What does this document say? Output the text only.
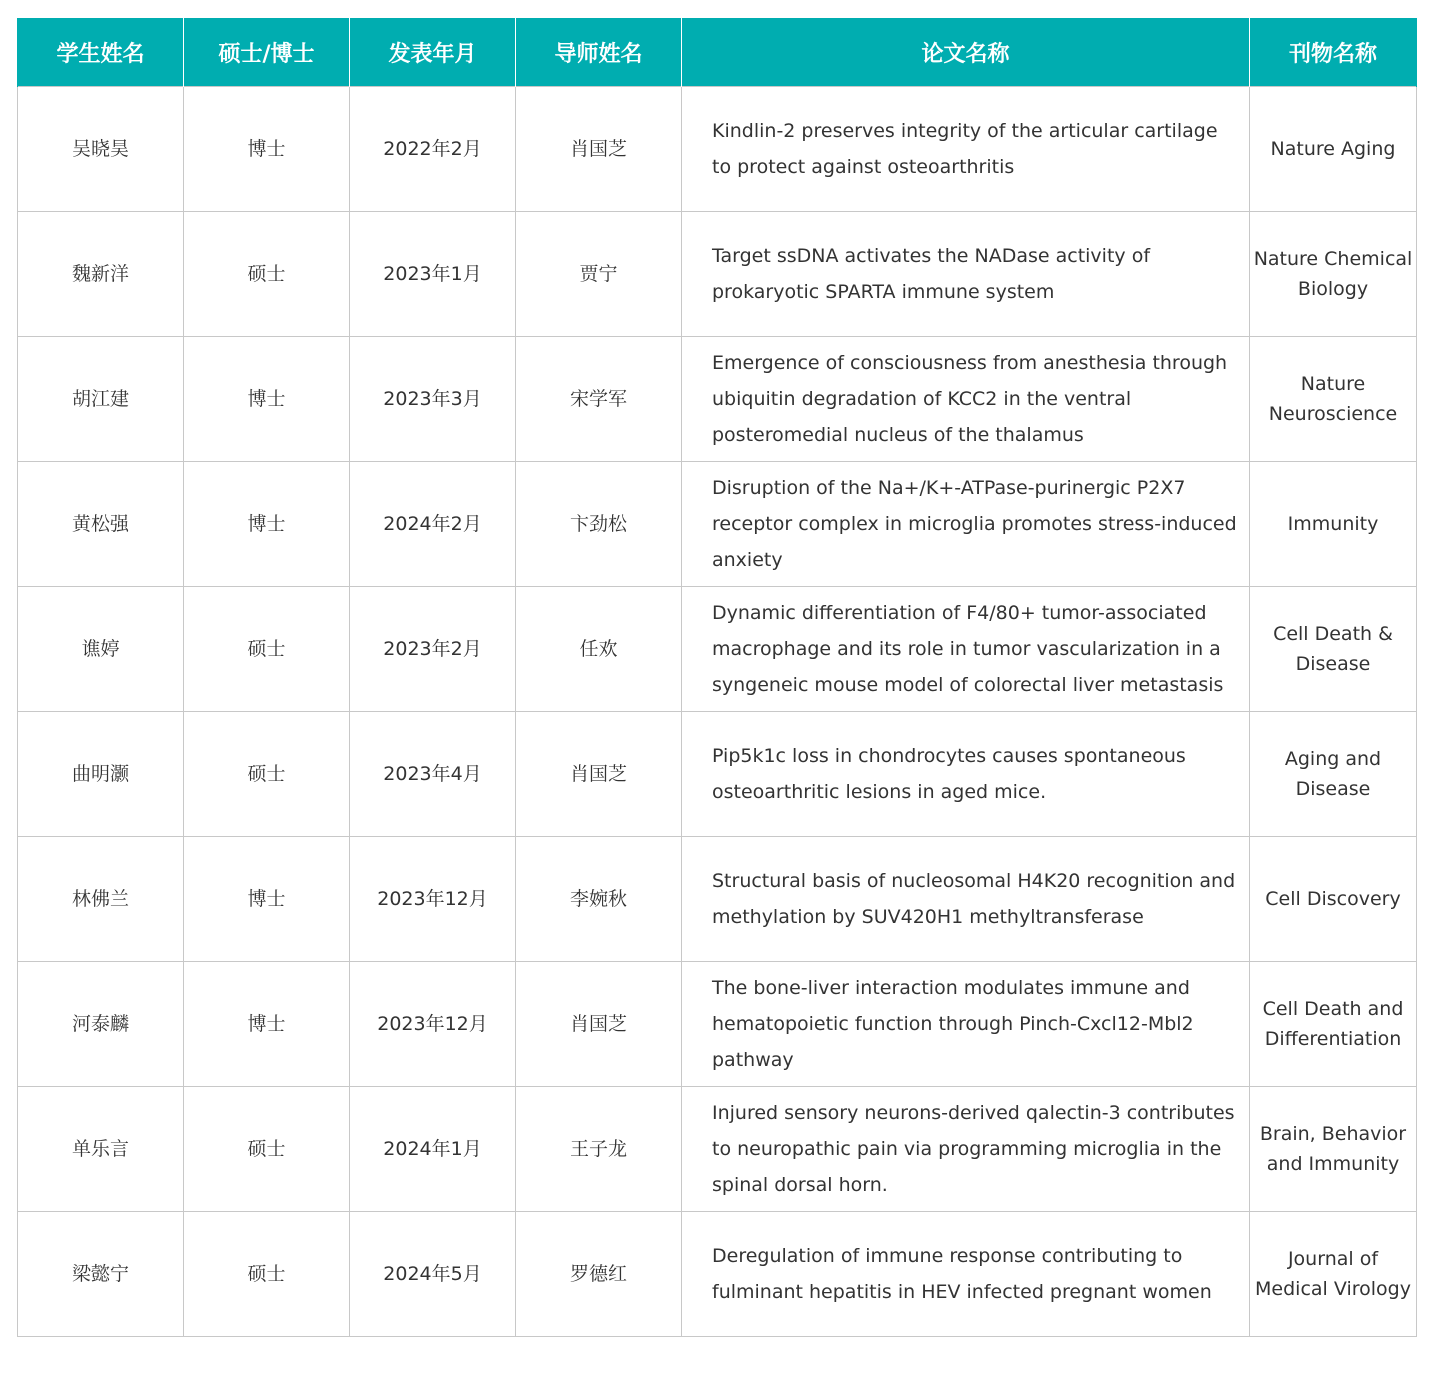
学生姓名	硕士/博士	发表年月	导师姓名	论文名称	刊物名称
吴晓昊	博士	2022年2月	肖国芝	Kindlin-2 preserves integrity of the articular cartilage to protect against osteoarthritis	Nature Aging
魏新洋	硕士	2023年1月	贾宁	Target ssDNA activates the NADase activity of prokaryotic SPARTA immune system	Nature Chemical Biology
胡江建	博士	2023年3月	宋学军	Emergence of consciousness from anesthesia through ubiquitin degradation of KCC2 in the ventral posteromedial nucleus of the thalamus	Nature Neuroscience
黄松强	博士	2024年2月	卞劲松	Disruption of the Na+/K+-ATPase-purinergic P2X7 receptor complex in microglia promotes stress-induced anxiety	Immunity
谯婷	硕士	2023年2月	任欢	Dynamic differentiation of F4/80+ tumor-associated macrophage and its role in tumor vascularization in a syngeneic mouse model of colorectal liver metastasis	Cell Death & Disease
曲明灏	硕士	2023年4月	肖国芝	Pip5k1c loss in chondrocytes causes spontaneous osteoarthritic lesions in aged mice.	Aging and Disease
林佛兰	博士	2023年12月	李婉秋	Structural basis of nucleosomal H4K20 recognition and methylation by SUV420H1 methyltransferase	Cell Discovery
河泰麟	博士	2023年12月	肖国芝	The bone-liver interaction modulates immune and hematopoietic function through Pinch-Cxcl12-Mbl2 pathway	Cell Death and Differentiation
单乐言	硕士	2024年1月	王子龙	Injured sensory neurons-derived qalectin-3 contributes to neuropathic pain via programming microglia in the spinal dorsal horn.	Brain, Behavior and Immunity
梁懿宁	硕士	2024年5月	罗德红	Deregulation of immune response contributing to fulminant hepatitis in HEV infected pregnant women	Journal of Medical Virology
